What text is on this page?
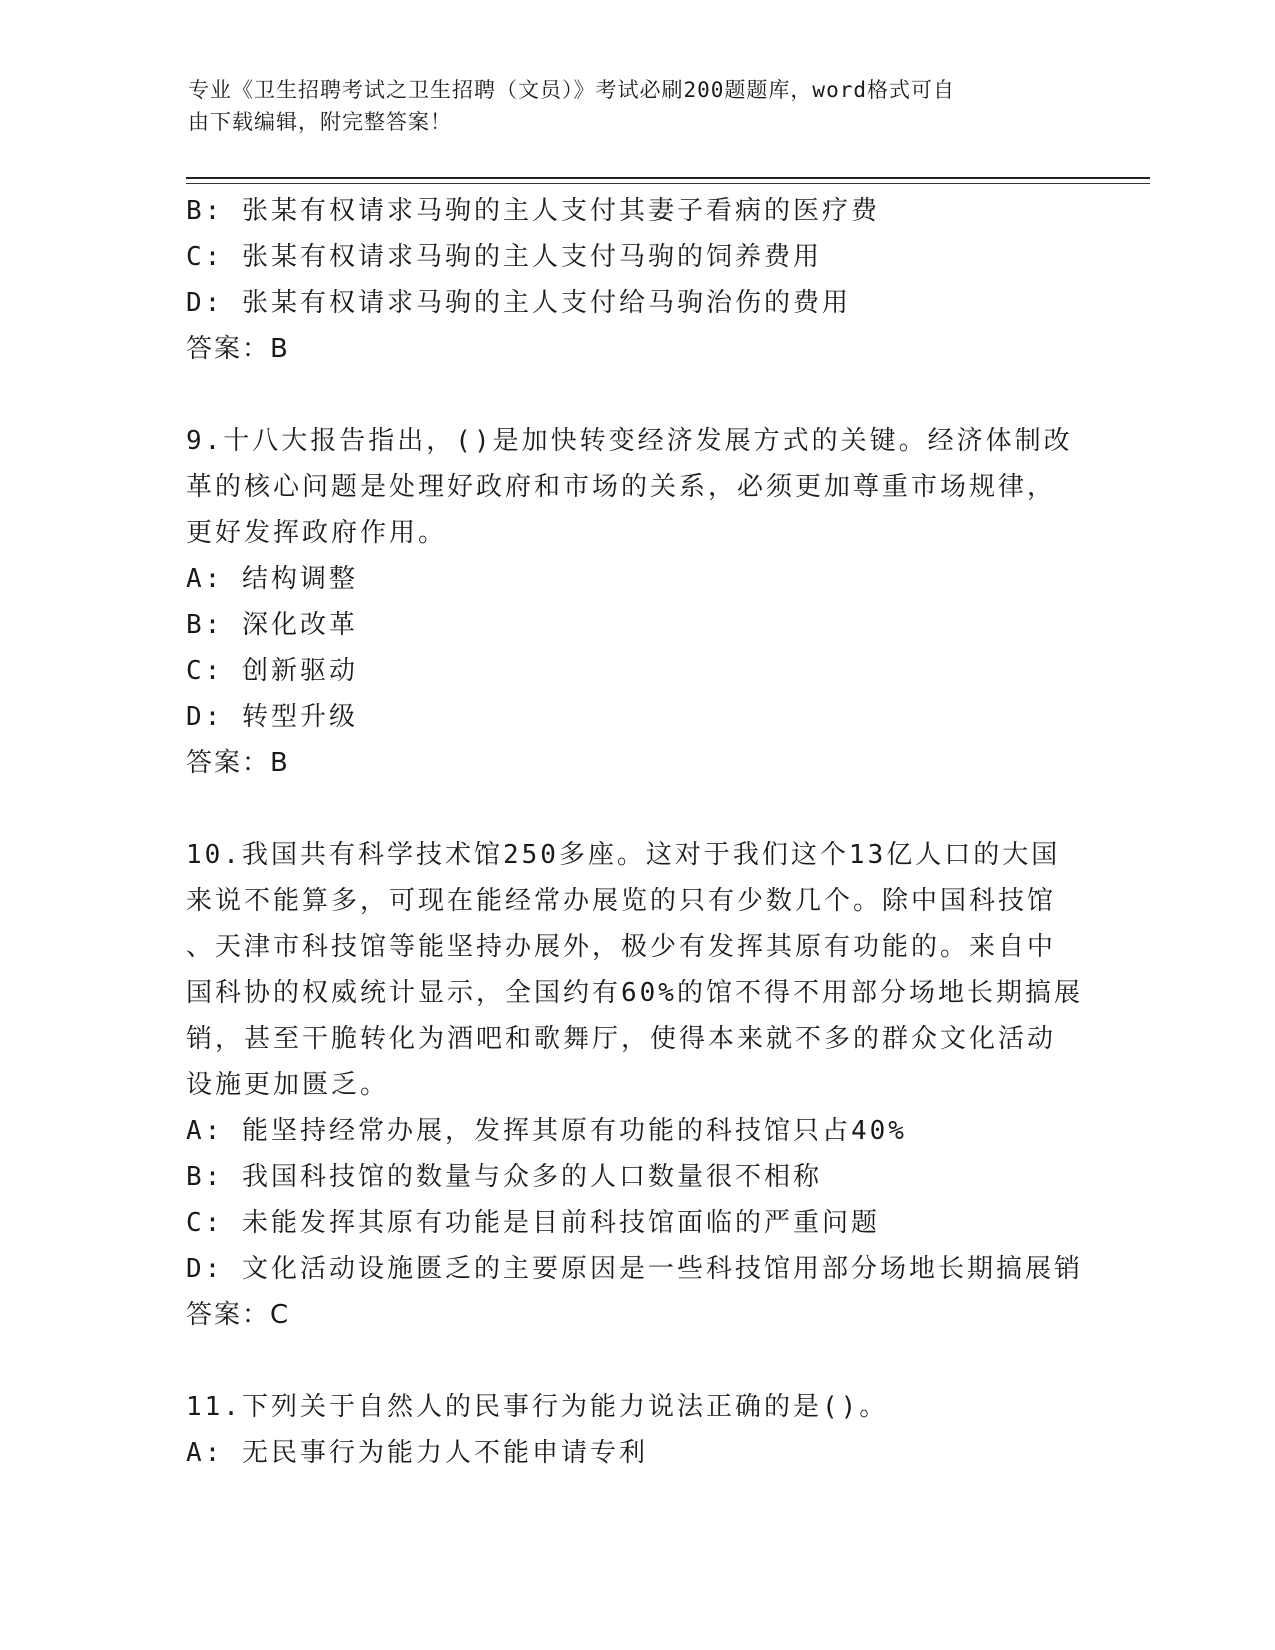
专业《卫生招聘考试之卫生招聘（文员）》考试必刷200题题库，word格式可自
由下载编辑，附完整答案！
B: 张某有权请求马驹的主人支付其妻子看病的医疗费
C: 张某有权请求马驹的主人支付马驹的饲养费用
D: 张某有权请求马驹的主人支付给马驹治伤的费用
答案：B
9.十八大报告指出，()是加快转变经济发展方式的关键。经济体制改
革的核心问题是处理好政府和市场的关系，必须更加尊重市场规律，
更好发挥政府作用。
A: 结构调整
B: 深化改革
C: 创新驱动
D: 转型升级
答案：B
10.我国共有科学技术馆250多座。这对于我们这个13亿人口的大国
来说不能算多，可现在能经常办展览的只有少数几个。除中国科技馆
、天津市科技馆等能坚持办展外，极少有发挥其原有功能的。来自中
国科协的权威统计显示，全国约有60%的馆不得不用部分场地长期搞展
销，甚至干脆转化为酒吧和歌舞厅，使得本来就不多的群众文化活动
设施更加匮乏。
A: 能坚持经常办展，发挥其原有功能的科技馆只占40%
B: 我国科技馆的数量与众多的人口数量很不相称
C: 未能发挥其原有功能是目前科技馆面临的严重问题
D: 文化活动设施匮乏的主要原因是一些科技馆用部分场地长期搞展销
答案：C
11.下列关于自然人的民事行为能力说法正确的是()。
A: 无民事行为能力人不能申请专利
